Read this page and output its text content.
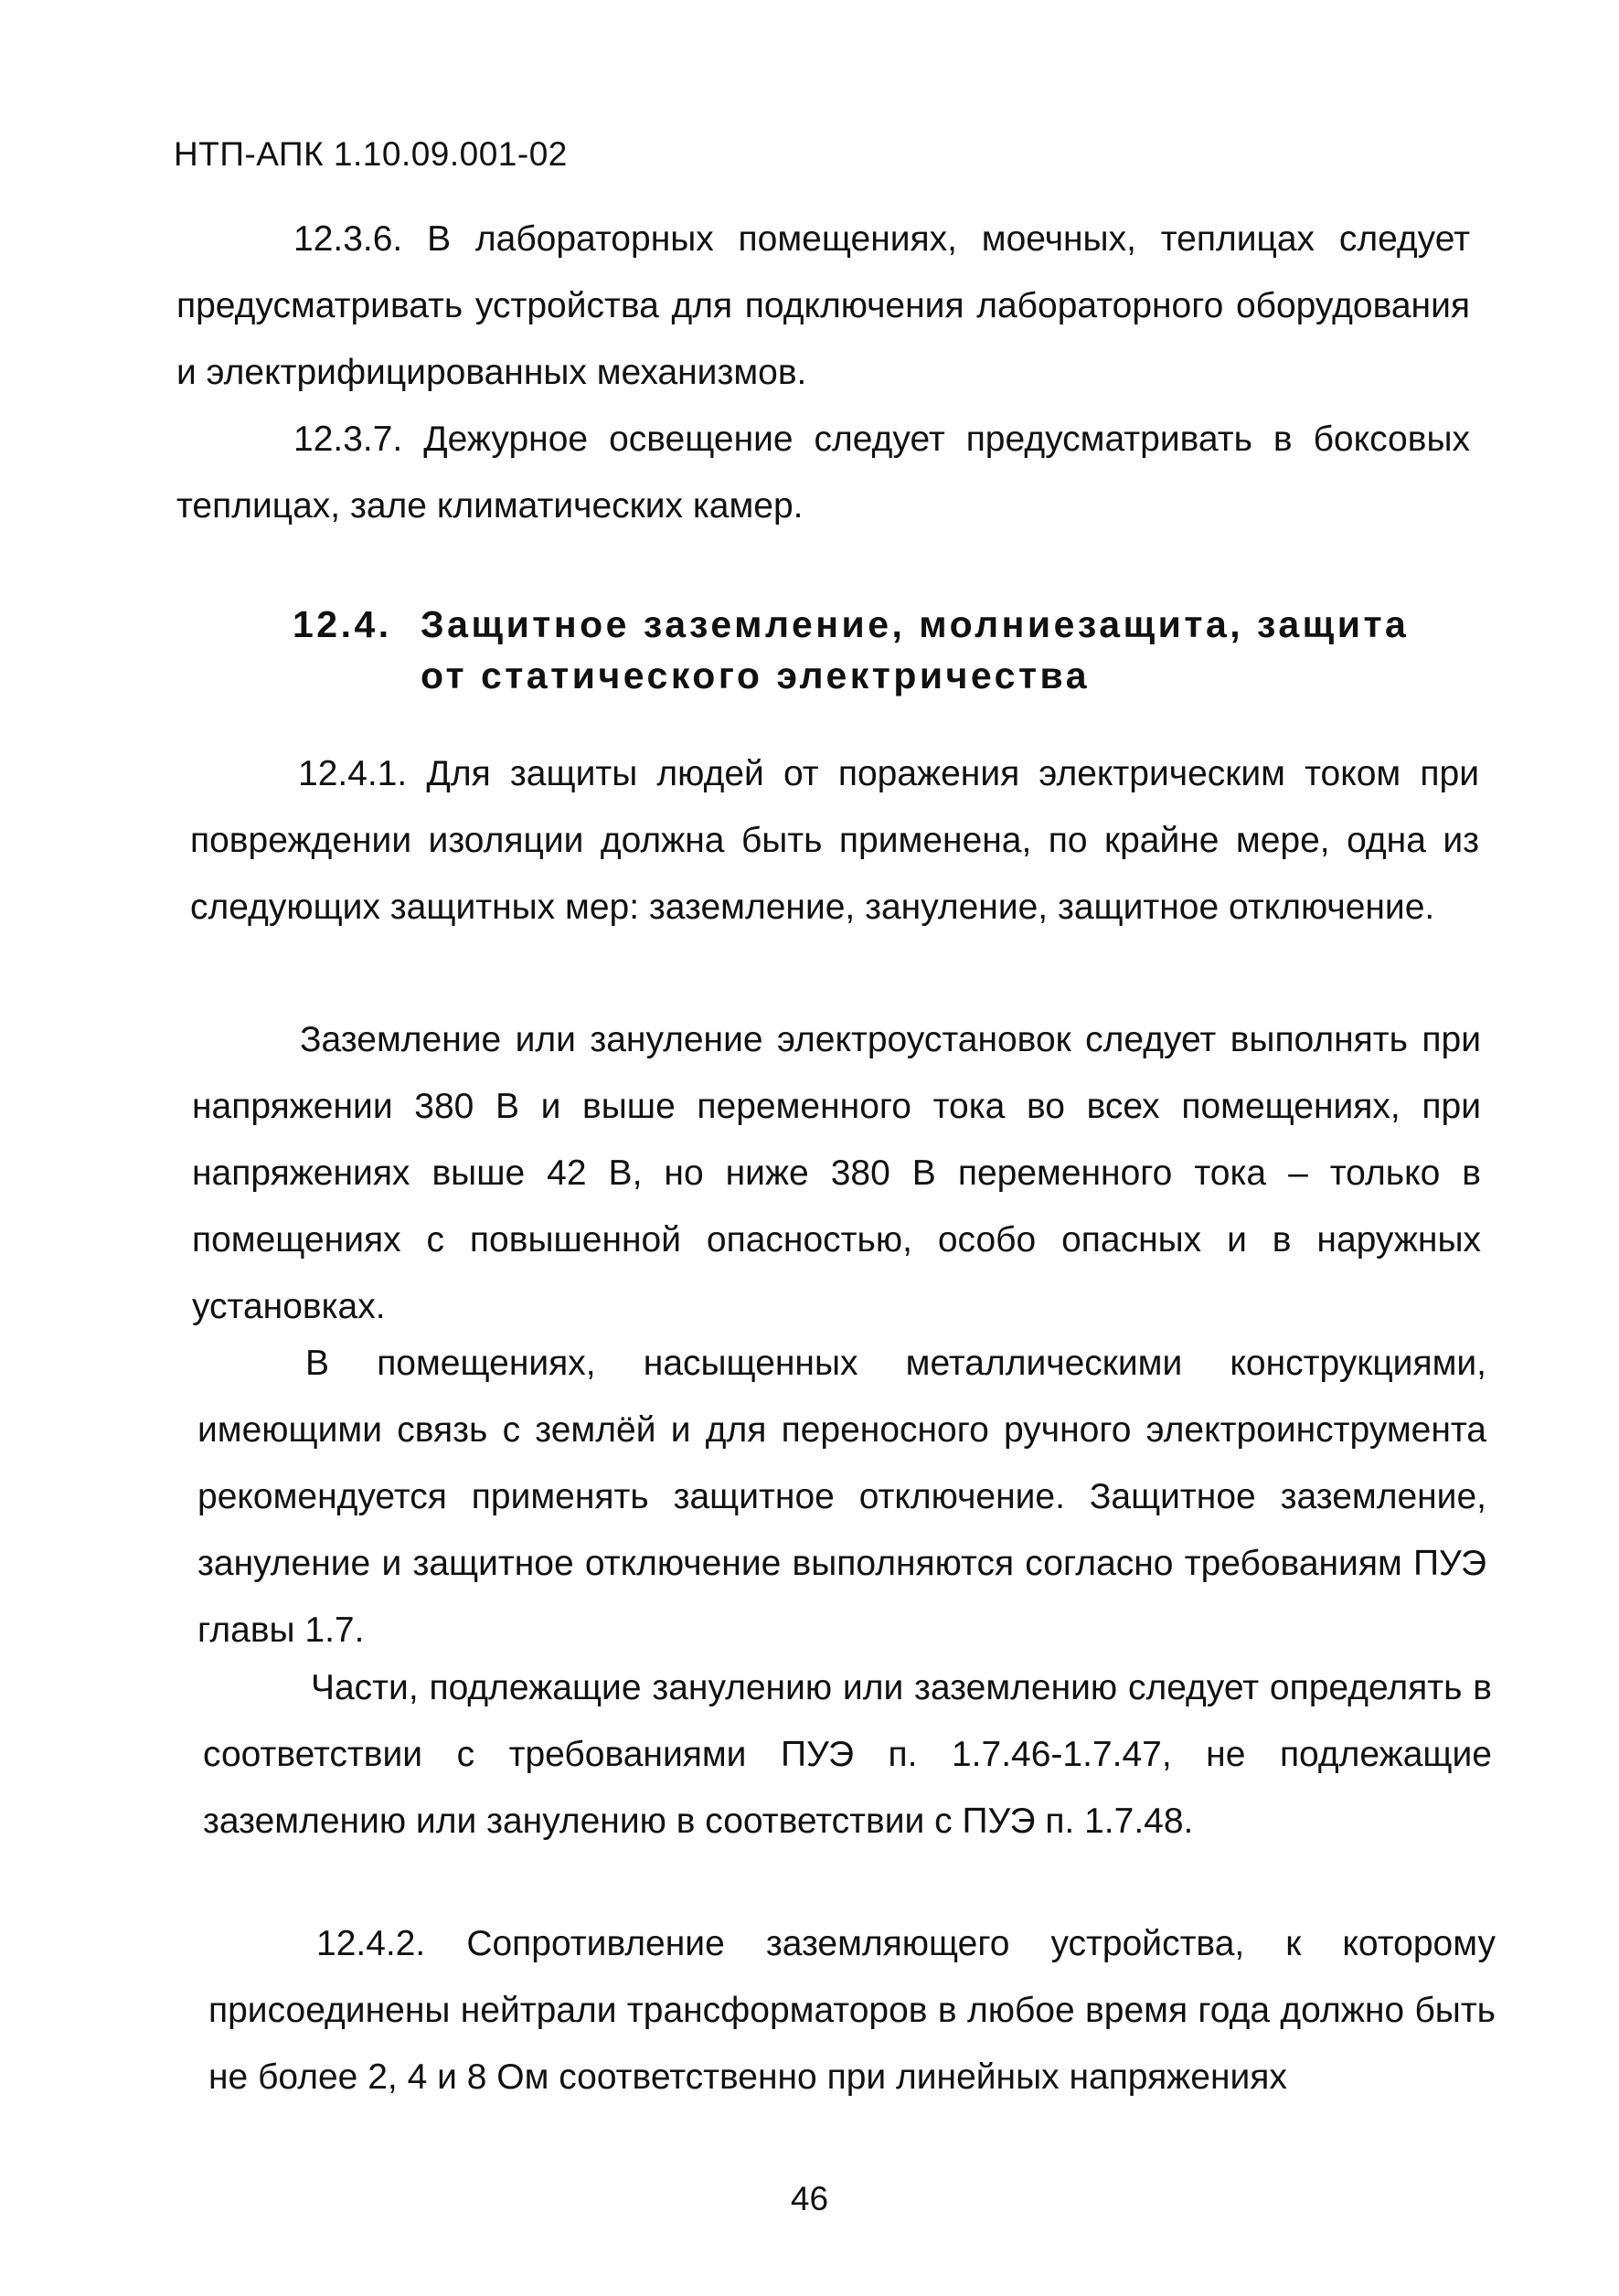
НТП-АПК 1.10.09.001-02

12.3.6. В лабораторных помещениях, моечных, теплицах следует предусматривать устройства для подключения лабораторного оборудования и электрифицированных механизмов.

12.3.7. Дежурное освещение следует предусматривать в боксовых теплицах, зале климатических камер.

12.4. Защитное заземление, молниезащита, защита
от статического электричества

12.4.1. Для защиты людей от поражения электрическим током при повреждении изоляции должна быть применена, по крайне мере, одна из следующих защитных мер: заземление, зануление, защитное отключение.

Заземление или зануление электроустановок следует выполнять при напряжении 380 В и выше переменного тока во всех помещениях, при напряжениях выше 42 В, но ниже 380 В переменного тока – только в помещениях с повышенной опасностью, особо опасных и в наружных установках.

В помещениях, насыщенных металлическими конструкциями, имеющими связь с землёй и для переносного ручного электроинструмента рекомендуется применять защитное отключение. Защитное заземление, зануление и защитное отключение выполняются согласно требованиям ПУЭ главы 1.7.

Части, подлежащие занулению или заземлению следует определять в соответствии с требованиями ПУЭ п. 1.7.46-1.7.47, не подлежащие заземлению или занулению в соответствии с ПУЭ п. 1.7.48.

12.4.2. Сопротивление заземляющего устройства, к которому присоединены нейтрали трансформаторов в любое время года должно быть не более 2, 4 и 8 Ом соответственно при линейных напряжениях

46
